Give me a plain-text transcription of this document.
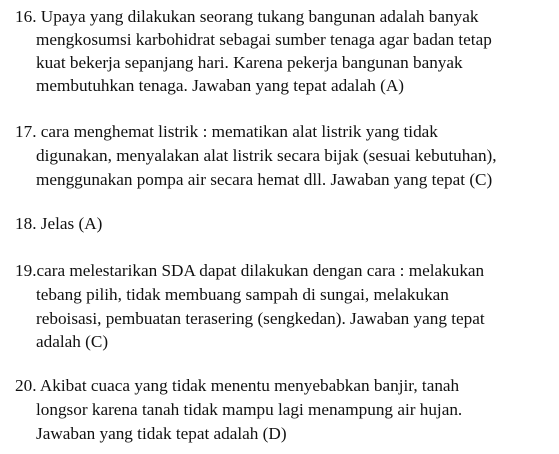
16. Upaya yang dilakukan seorang tukang bangunan adalah banyak
mengkosumsi karbohidrat sebagai sumber tenaga agar badan tetap
kuat bekerja sepanjang hari. Karena pekerja bangunan banyak
membutuhkan tenaga. Jawaban yang tepat adalah (A)
17. cara menghemat listrik : mematikan alat listrik yang tidak
digunakan, menyalakan alat listrik secara bijak (sesuai kebutuhan),
menggunakan pompa air secara hemat dll. Jawaban yang tepat (C)
18. Jelas (A)
19.cara melestarikan SDA dapat dilakukan dengan cara : melakukan
tebang pilih, tidak membuang sampah di sungai, melakukan
reboisasi, pembuatan terasering (sengkedan). Jawaban yang tepat
adalah (C)
20. Akibat cuaca yang tidak menentu menyebabkan banjir, tanah
longsor karena tanah tidak mampu lagi menampung air hujan.
Jawaban yang tidak tepat adalah (D)
